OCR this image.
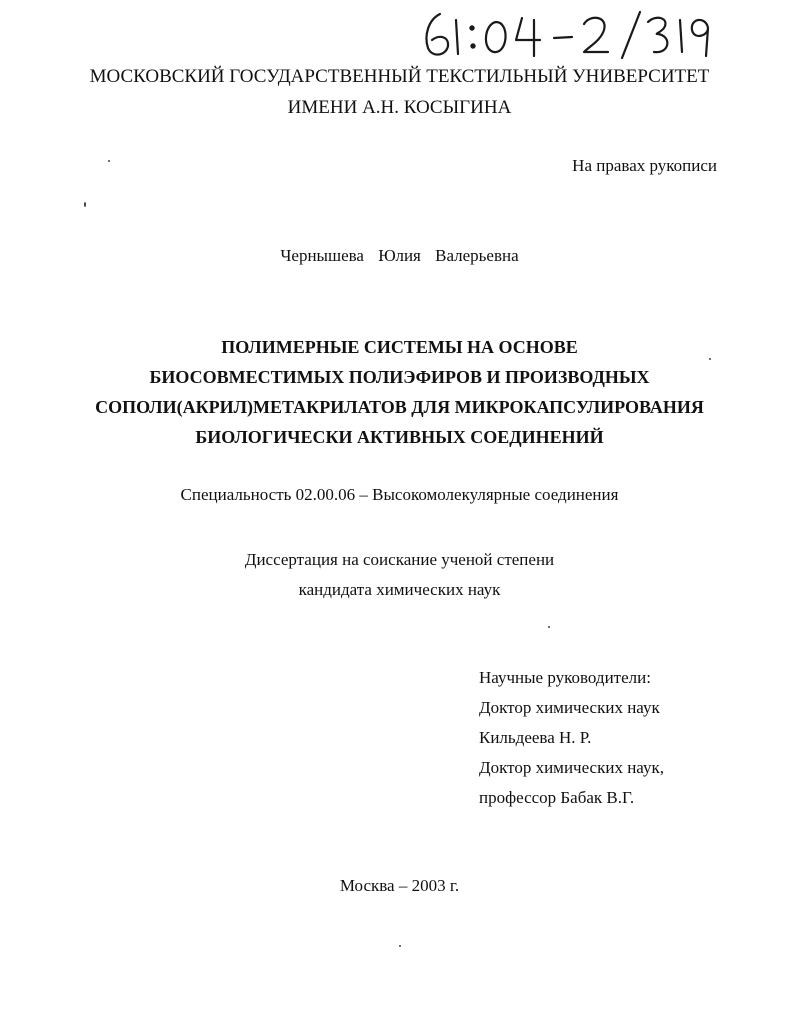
МОСКОВСКИЙ ГОСУДАРСТВЕННЫЙ ТЕКСТИЛЬНЫЙ УНИВЕРСИТЕТ
ИМЕНИ А.Н. КОСЫГИНА
На правах рукописи
Чернышева Юлия Валерьевна
ПОЛИМЕРНЫЕ СИСТЕМЫ НА ОСНОВЕ
БИОСОВМЕСТИМЫХ ПОЛИЭФИРОВ И ПРОИЗВОДНЫХ
СОПОЛИ(АКРИЛ)МЕТАКРИЛАТОВ ДЛЯ МИКРОКАПСУЛИРОВАНИЯ
БИОЛОГИЧЕСКИ АКТИВНЫХ СОЕДИНЕНИЙ
Специальность 02.00.06 – Высокомолекулярные соединения
Диссертация на соискание ученой степени
кандидата химических наук
Научные руководители:
Доктор химических наук
Кильдеева Н. Р.
Доктор химических наук,
профессор Бабак В.Г.
Москва – 2003 г.
